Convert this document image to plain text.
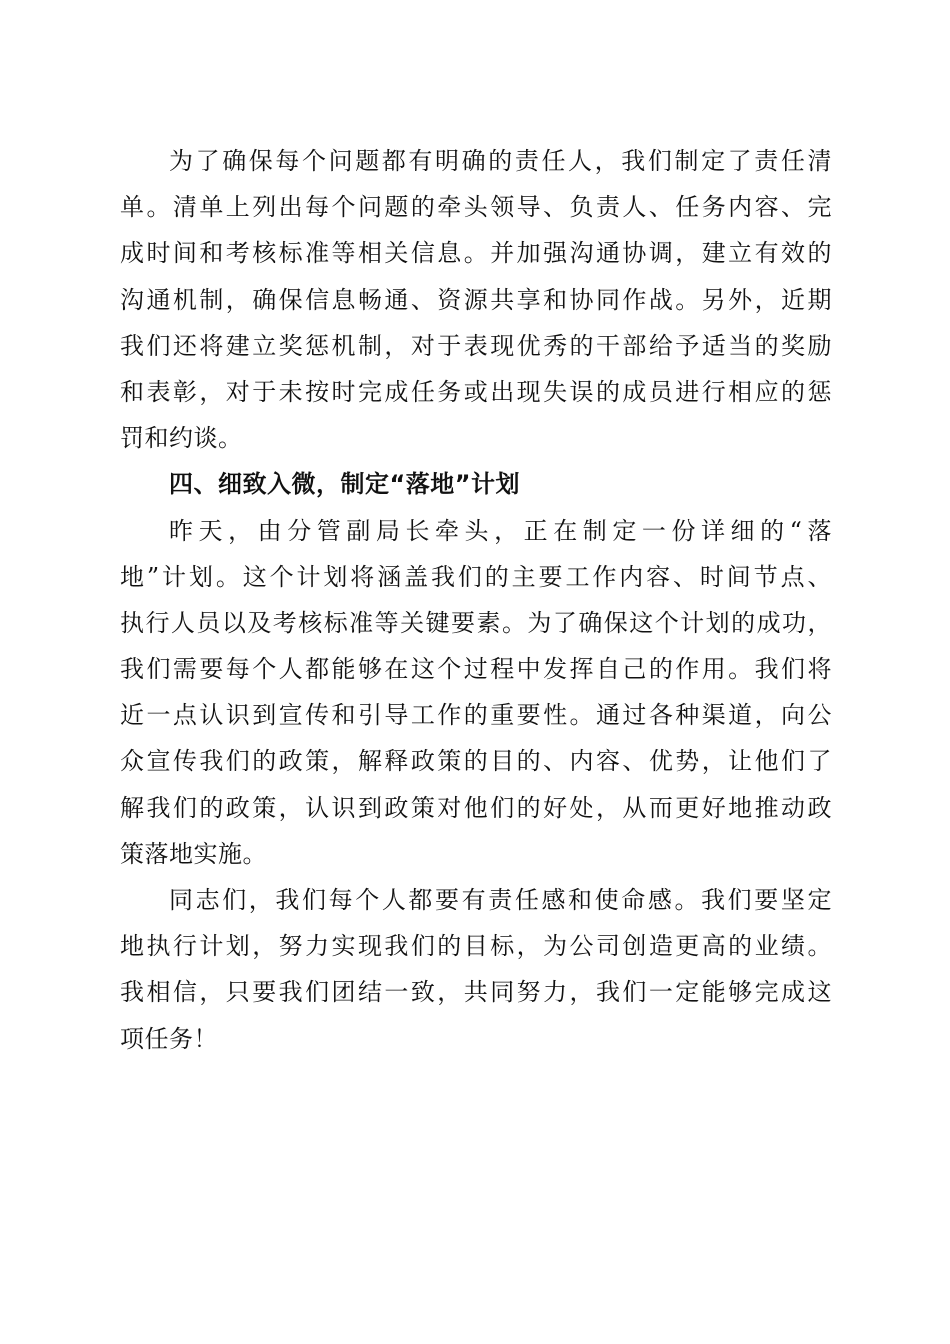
为了确保每个问题都有明确的责任人，我们制定了责任清
单。清单上列出每个问题的牵头领导、负责人、任务内容、完
成时间和考核标准等相关信息。并加强沟通协调，建立有效的
沟通机制，确保信息畅通、资源共享和协同作战。另外，近期
我们还将建立奖惩机制，对于表现优秀的干部给予适当的奖励
和表彰，对于未按时完成任务或出现失误的成员进行相应的惩
罚和约谈。
四、细致入微，制定“落地”计划
昨天，由分管副局长牵头，正在制定一份详细的“落
地”计划。这个计划将涵盖我们的主要工作内容、时间节点、
执行人员以及考核标准等关键要素。为了确保这个计划的成功，
我们需要每个人都能够在这个过程中发挥自己的作用。我们将
近一点认识到宣传和引导工作的重要性。通过各种渠道，向公
众宣传我们的政策，解释政策的目的、内容、优势，让他们了
解我们的政策，认识到政策对他们的好处，从而更好地推动政
策落地实施。
同志们，我们每个人都要有责任感和使命感。我们要坚定
地执行计划，努力实现我们的目标，为公司创造更高的业绩。
我相信，只要我们团结一致，共同努力，我们一定能够完成这
项任务！
